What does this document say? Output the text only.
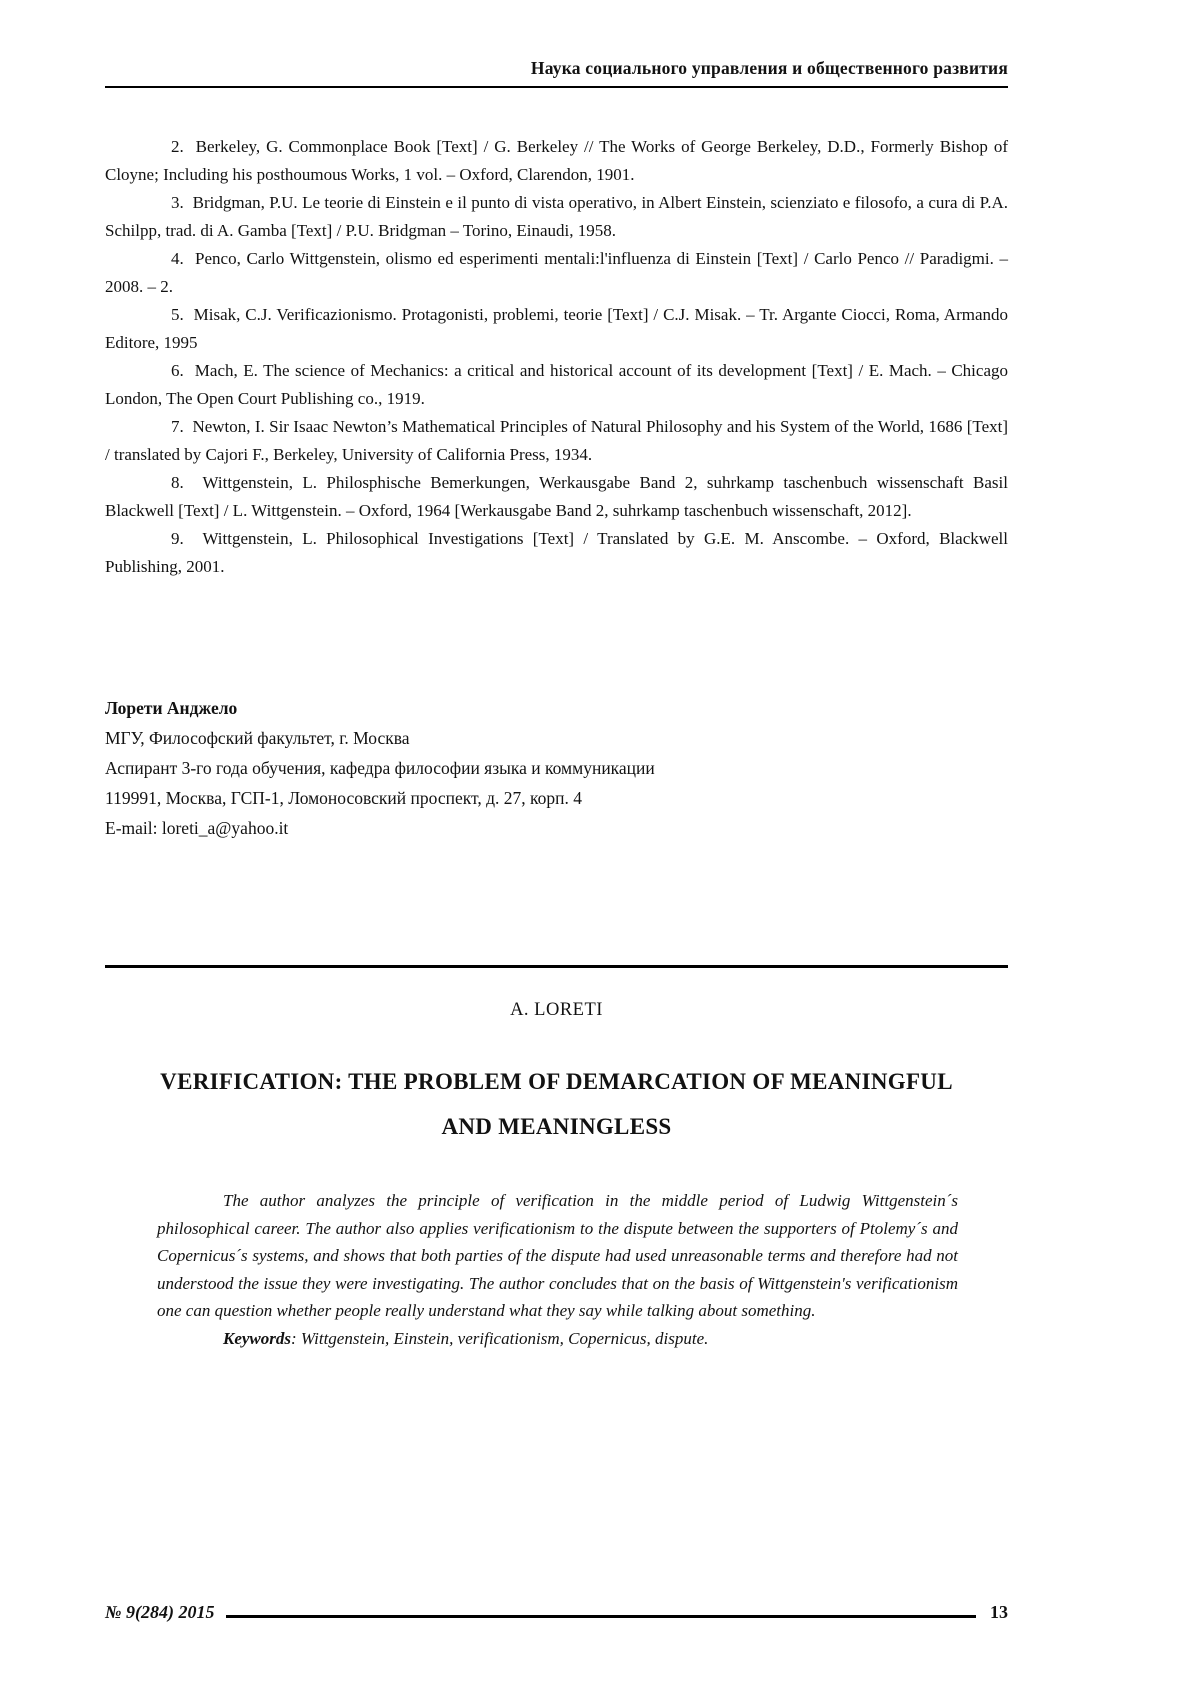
Наука социального управления и общественного развития

2. Berkeley, G. Commonplace Book [Text] / G. Berkeley // The Works of George Berkeley, D.D., Formerly Bishop of Cloyne; Including his posthoumous Works, 1 vol. – Oxford, Clarendon, 1901.

3. Bridgman, P.U. Le teorie di Einstein e il punto di vista operativo, in Albert Einstein, scienziato e filosofo, a cura di P.A. Schilpp, trad. di A. Gamba [Text] / P.U. Bridgman – Torino, Einaudi, 1958.

4. Penco, Carlo Wittgenstein, olismo ed esperimenti mentali:l'influenza di Einstein [Text] / Carlo Penco // Paradigmi. – 2008. – 2.

5. Misak, C.J. Verificazionismo. Protagonisti, problemi, teorie [Text] / C.J. Misak. – Tr. Argante Ciocci, Roma, Armando Editore, 1995

6. Mach, E. The science of Mechanics: a critical and historical account of its development [Text] / E. Mach. – Chicago London, The Open Court Publishing co., 1919.

7. Newton, I. Sir Isaac Newton’s Mathematical Principles of Natural Philosophy and his System of the World, 1686 [Text] / translated by Cajori F., Berkeley, University of California Press, 1934.

8. Wittgenstein, L. Philosphische Bemerkungen, Werkausgabe Band 2, suhrkamp taschenbuch wissenschaft Basil Blackwell [Text] / L. Wittgenstein. – Oxford, 1964 [Werkausgabe Band 2, suhrkamp taschenbuch wissenschaft, 2012].

9. Wittgenstein, L. Philosophical Investigations [Text] / Translated by G.E. M. Anscombe. – Oxford, Blackwell Publishing, 2001.

Лорети Анджело

МГУ, Философский факультет, г. Москва

Аспирант 3-го года обучения, кафедра философии языка и коммуникации

119991, Москва, ГСП-1, Ломоносовский проспект, д. 27, корп. 4

E-mail: loreti_a@yahoo.it

A. LORETI
VERIFICATION: THE PROBLEM OF DEMARCATION OF MEANINGFUL
AND MEANINGLESS

The author analyzes the principle of verification in the middle period of Ludwig Wittgenstein´s philosophical career. The author also applies verificationism to the dispute between the supporters of Ptolemy´s and Copernicus´s systems, and shows that both parties of the dispute had used unreasonable terms and therefore had not understood the issue they were investigating. The author concludes that on the basis of Wittgenstein's verificationism one can question whether people really understand what they say while talking about something.

Keywords: Wittgenstein, Einstein, verificationism, Copernicus, dispute.

№ 9(284) 2015	13
